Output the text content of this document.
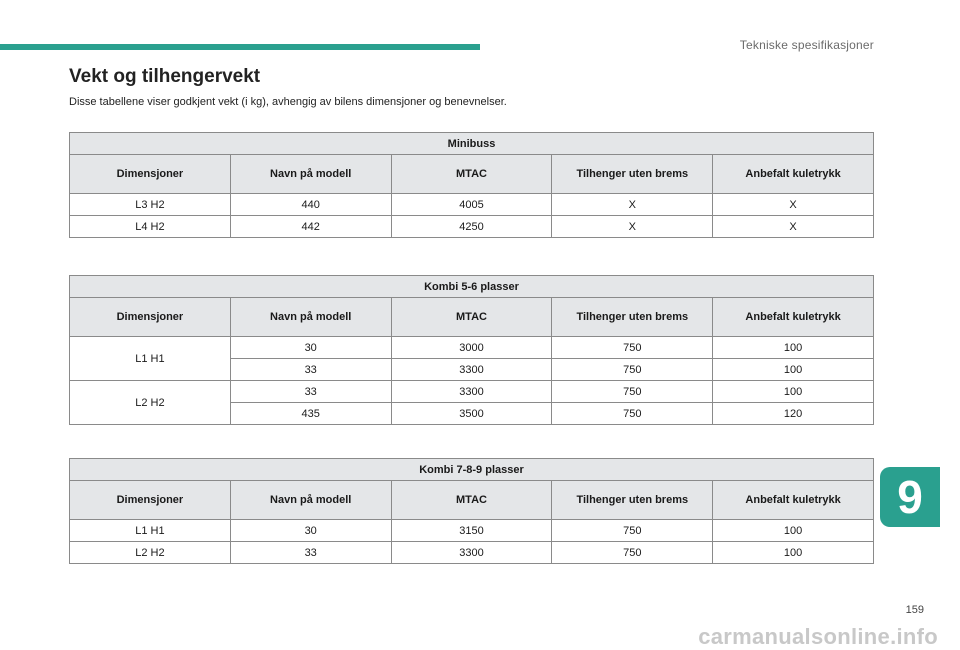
Tekniske spesifikasjoner
Vekt og tilhengervekt

Disse tabellene viser godkjent vekt (i kg), avhengig av bilens dimensjoner og benevnelser.

Minibuss				
Dimensjoner	Navn på modell	MTAC	Tilhenger uten brems	Anbefalt kuletrykk
L3 H2	440	4005	X	X
L4 H2	442	4250	X	X
Kombi 5-6 plasser				
Dimensjoner	Navn på modell	MTAC	Tilhenger uten brems	Anbefalt kuletrykk
L1 H1	30	3000	750	100
	33	3300	750	100
L2 H2	33	3300	750	100
	435	3500	750	120
Kombi 7-8-9 plasser				
Dimensjoner	Navn på modell	MTAC	Tilhenger uten brems	Anbefalt kuletrykk
L1 H1	30	3150	750	100
L2 H2	33	3300	750	100
9
159
carmanualsonline.info
